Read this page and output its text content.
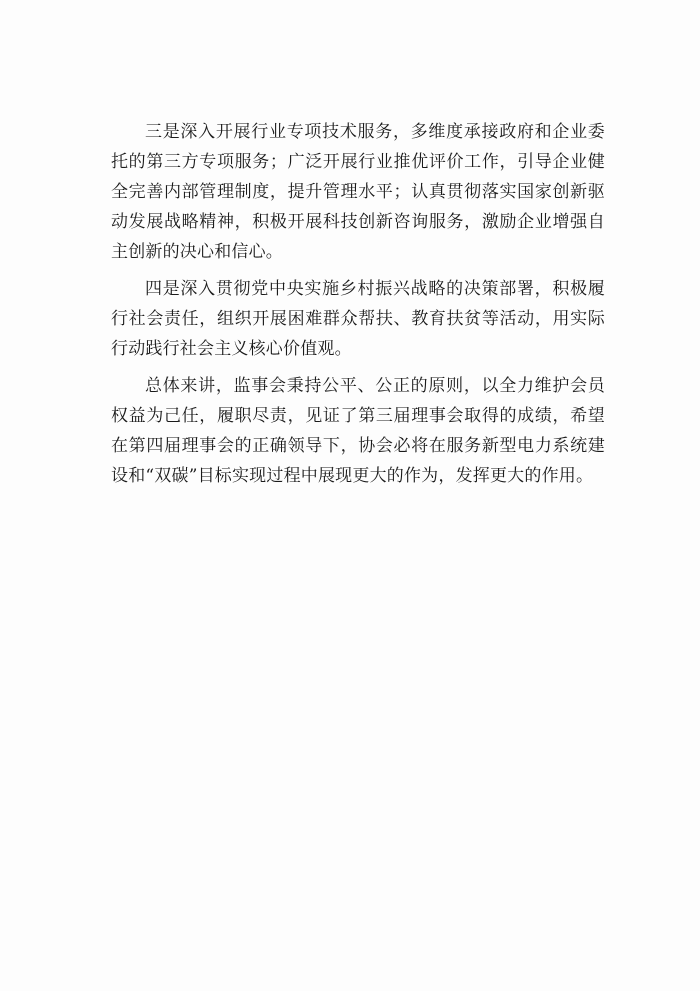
三是深入开展行业专项技术服务，多维度承接政府和企业委托的第三方专项服务；广泛开展行业推优评价工作，引导企业健全完善内部管理制度，提升管理水平；认真贯彻落实国家创新驱动发展战略精神，积极开展科技创新咨询服务，激励企业增强自主创新的决心和信心。

四是深入贯彻党中央实施乡村振兴战略的决策部署，积极履行社会责任，组织开展困难群众帮扶、教育扶贫等活动，用实际行动践行社会主义核心价值观。

总体来讲，监事会秉持公平、公正的原则，以全力维护会员权益为己任，履职尽责，见证了第三届理事会取得的成绩，希望在第四届理事会的正确领导下，协会必将在服务新型电力系统建设和“双碳”目标实现过程中展现更大的作为，发挥更大的作用。
